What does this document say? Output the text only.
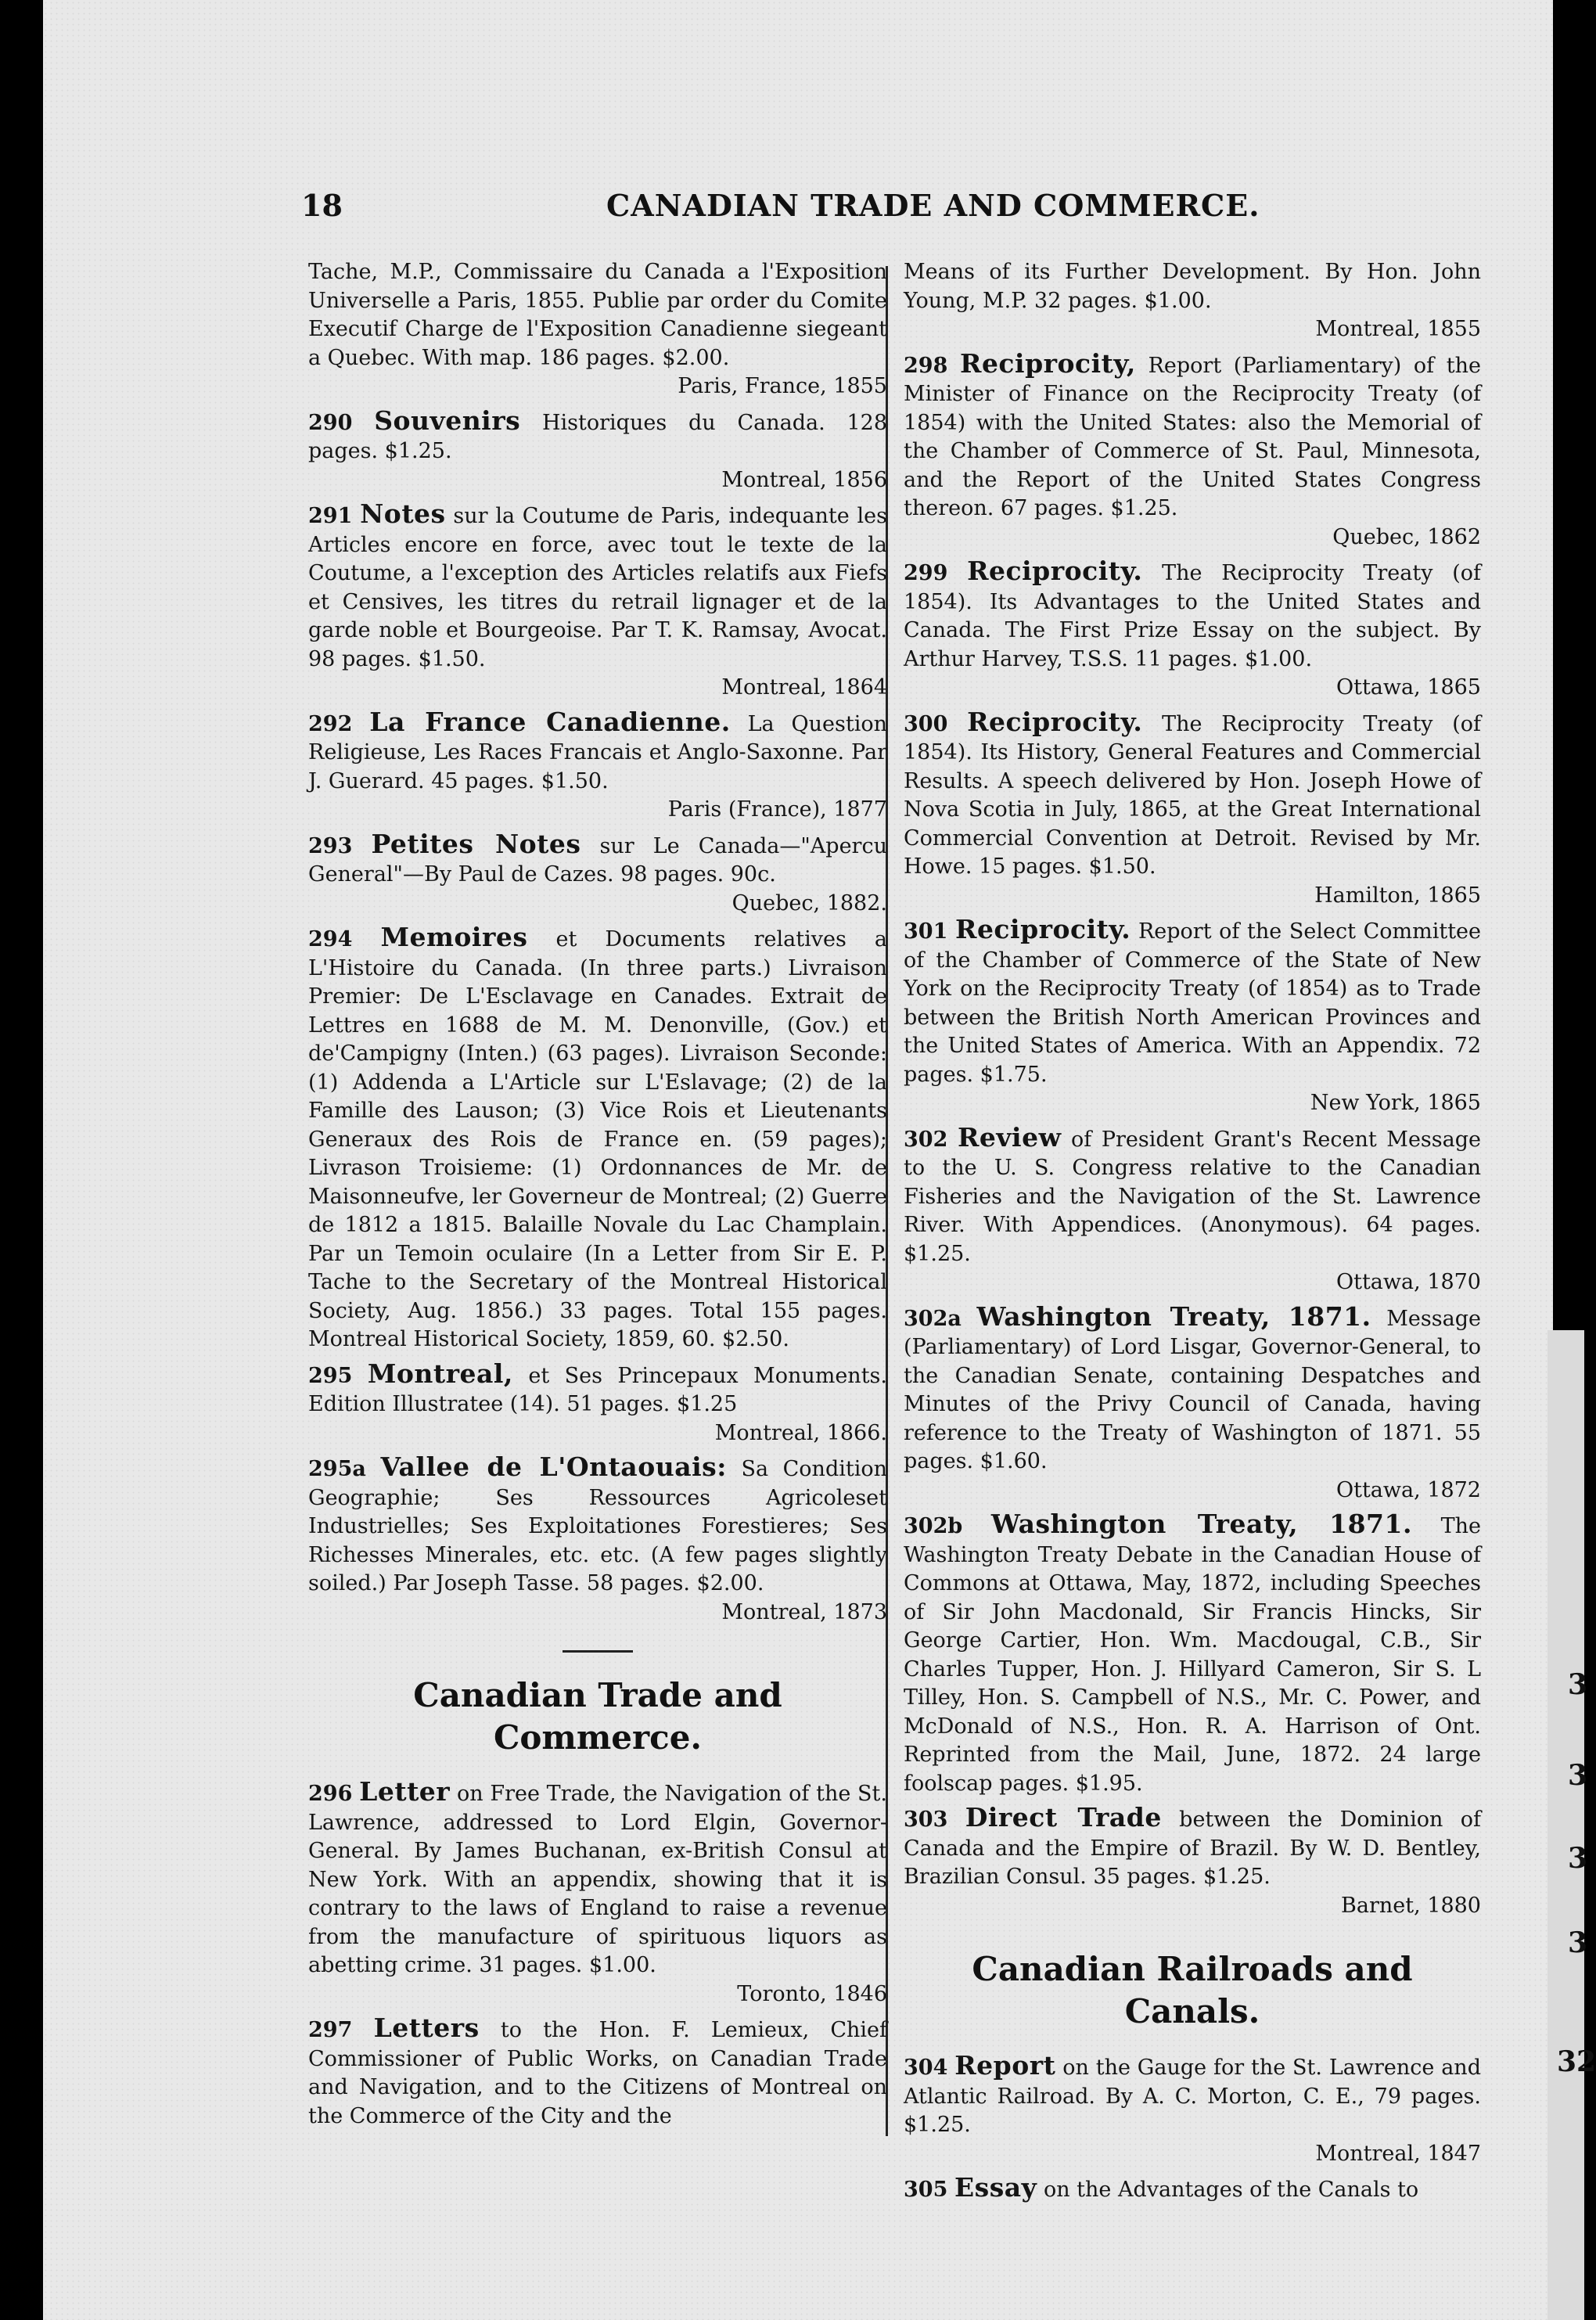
18	CANADIAN TRADE AND COMMERCE.
Tache, M.P., Commissaire du Canada a l'Exposition Universelle a Paris, 1855. Publie par order du Comite Executif Charge de l'Exposition Canadienne siegeant a Quebec. With map. 186 pages. $2.00.
Paris, France, 1855
290 Souvenirs Historiques du Canada. 128 pages. $1.25.
Montreal, 1856
291 Notes sur la Coutume de Paris, indequante les Articles encore en force, avec tout le texte de la Coutume, a l'exception des Articles relatifs aux Fiefs et Censives, les titres du retrail lignager et de la garde noble et Bourgeoise. Par T. K. Ramsay, Avocat. 98 pages. $1.50.
Montreal, 1864
292 La France Canadienne. La Question Religieuse, Les Races Francais et Anglo-Saxonne. Par J. Guerard. 45 pages. $1.50.
Paris (France), 1877
293 Petites Notes sur Le Canada—"Apercu General"—By Paul de Cazes. 98 pages. 90c.
Quebec, 1882.
294 Memoires et Documents relatives a L'Histoire du Canada. (In three parts.) Livraison Premier: De L'Esclavage en Canades. Extrait de Lettres en 1688 de M. M. Denonville, (Gov.) et de'Campigny (Inten.) (63 pages). Livraison Seconde: (1) Addenda a L'Article sur L'Eslavage; (2) de la Famille des Lauson; (3) Vice Rois et Lieutenants Generaux des Rois de France en. (59 pages); Livrason Troisieme: (1) Ordonnances de Mr. de Maisonneufve, ler Governeur de Montreal; (2) Guerre de 1812 a 1815. Balaille Novale du Lac Champlain. Par un Temoin oculaire (In a Letter from Sir E. P. Tache to the Secretary of the Montreal Historical Society, Aug. 1856.) 33 pages. Total 155 pages. Montreal Historical Society, 1859, 60. $2.50.
295 Montreal, et Ses Princepaux Monuments. Edition Illustratee (14). 51 pages. $1.25
Montreal, 1866.
295a Vallee de L'Ontaouais: Sa Condition Geographie; Ses Ressources Agricoleset Industrielles; Ses Exploitationes Forestieres; Ses Richesses Minerales, etc. etc. (A few pages slightly soiled.) Par Joseph Tasse. 58 pages. $2.00.
Montreal, 1873
Canadian Trade and Commerce.
296 Letter on Free Trade, the Navigation of the St. Lawrence, addressed to Lord Elgin, Governor-General. By James Buchanan, ex-British Consul at New York. With an appendix, showing that it is contrary to the laws of England to raise a revenue from the manufacture of spirituous liquors as abetting crime. 31 pages. $1.00.
Toronto, 1846
297 Letters to the Hon. F. Lemieux, Chief Commissioner of Public Works, on Canadian Trade and Navigation, and to the Citizens of Montreal on the Commerce of the City and the
Means of its Further Development. By Hon. John Young, M.P. 32 pages. $1.00.
Montreal, 1855
298 Reciprocity, Report (Parliamentary) of the Minister of Finance on the Reciprocity Treaty (of 1854) with the United States: also the Memorial of the Chamber of Commerce of St. Paul, Minnesota, and the Report of the United States Congress thereon. 67 pages. $1.25.
Quebec, 1862
299 Reciprocity. The Reciprocity Treaty (of 1854). Its Advantages to the United States and Canada. The First Prize Essay on the subject. By Arthur Harvey, T.S.S. 11 pages. $1.00.
Ottawa, 1865
300 Reciprocity. The Reciprocity Treaty (of 1854). Its History, General Features and Commercial Results. A speech delivered by Hon. Joseph Howe of Nova Scotia in July, 1865, at the Great International Commercial Convention at Detroit. Revised by Mr. Howe. 15 pages. $1.50.
Hamilton, 1865
301 Reciprocity. Report of the Select Committee of the Chamber of Commerce of the State of New York on the Reciprocity Treaty (of 1854) as to Trade between the British North American Provinces and the United States of America. With an Appendix. 72 pages. $1.75.
New York, 1865
302 Review of President Grant's Recent Message to the U. S. Congress relative to the Canadian Fisheries and the Navigation of the St. Lawrence River. With Appendices. (Anonymous). 64 pages. $1.25.
Ottawa, 1870
302a Washington Treaty, 1871. Message (Parliamentary) of Lord Lisgar, Governor-General, to the Canadian Senate, containing Despatches and Minutes of the Privy Council of Canada, having reference to the Treaty of Washington of 1871. 55 pages. $1.60.
Ottawa, 1872
302b Washington Treaty, 1871. The Washington Treaty Debate in the Canadian House of Commons at Ottawa, May, 1872, including Speeches of Sir John Macdonald, Sir Francis Hincks, Sir George Cartier, Hon. Wm. Macdougal, C.B., Sir Charles Tupper, Hon. J. Hillyard Cameron, Sir S. L Tilley, Hon. S. Campbell of N.S., Mr. C. Power, and McDonald of N.S., Hon. R. A. Harrison of Ont. Reprinted from the Mail, June, 1872. 24 large foolscap pages. $1.95.
303 Direct Trade between the Dominion of Canada and the Empire of Brazil. By W. D. Bentley, Brazilian Consul. 35 pages. $1.25.
Barnet, 1880
Canadian Railroads and Canals.
304 Report on the Gauge for the St. Lawrence and Atlantic Railroad. By A. C. Morton, C. E., 79 pages. $1.25.
Montreal, 1847
305 Essay on the Advantages of the Canals to
3
3
3
3
32
